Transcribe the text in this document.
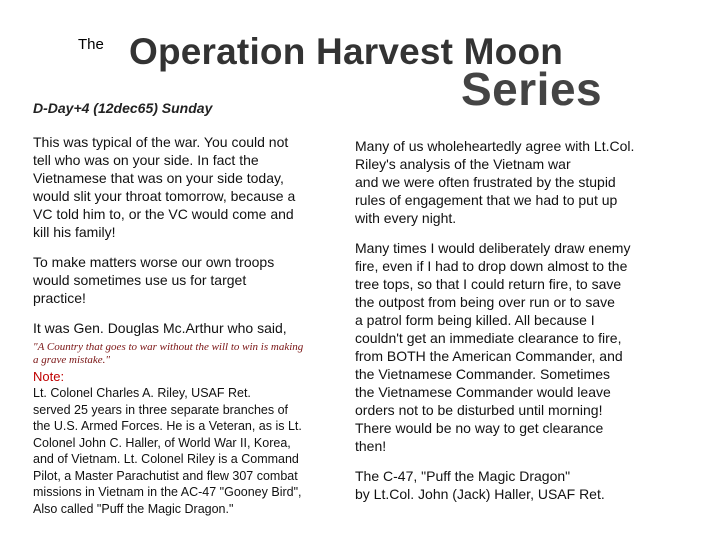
The Operation Harvest Moon
Series
D-Day+4 (12dec65) Sunday

This was typical of the war. You could not
tell who was on your side. In fact the
Vietnamese that was on your side today,
would slit your throat tomorrow, because a
VC told him to, or the VC would come and
kill his family!

To make matters worse our own troops
would sometimes use us for target
practice!

It was Gen. Douglas Mc.Arthur who said,

"A Country that goes to war without the will to win is making
a grave mistake."
Note:
Lt. Colonel Charles A. Riley, USAF Ret.
served 25 years in three separate branches of
the U.S. Armed Forces. He is a Veteran, as is Lt.
Colonel John C. Haller, of World War II, Korea,
and of Vietnam. Lt. Colonel Riley is a Command
Pilot, a Master Parachutist and flew 307 combat
missions in Vietnam in the AC-47 "Gooney Bird",
Also called "Puff the Magic Dragon."

Many of us wholeheartedly agree with Lt.Col.
Riley's analysis of the Vietnam war
and we were often frustrated by the stupid
rules of engagement that we had to put up
with every night.

Many times I would deliberately draw enemy
fire, even if I had to drop down almost to the
tree tops, so that I could return fire, to save
the outpost from being over run or to save
a patrol form being killed. All because I
couldn't get an immediate clearance to fire,
from BOTH the American Commander, and
the Vietnamese Commander. Sometimes
the Vietnamese Commander would leave
orders not to be disturbed until morning!
There would be no way to get clearance
then!

The C-47, "Puff the Magic Dragon"
by Lt.Col. John (Jack) Haller, USAF Ret.
